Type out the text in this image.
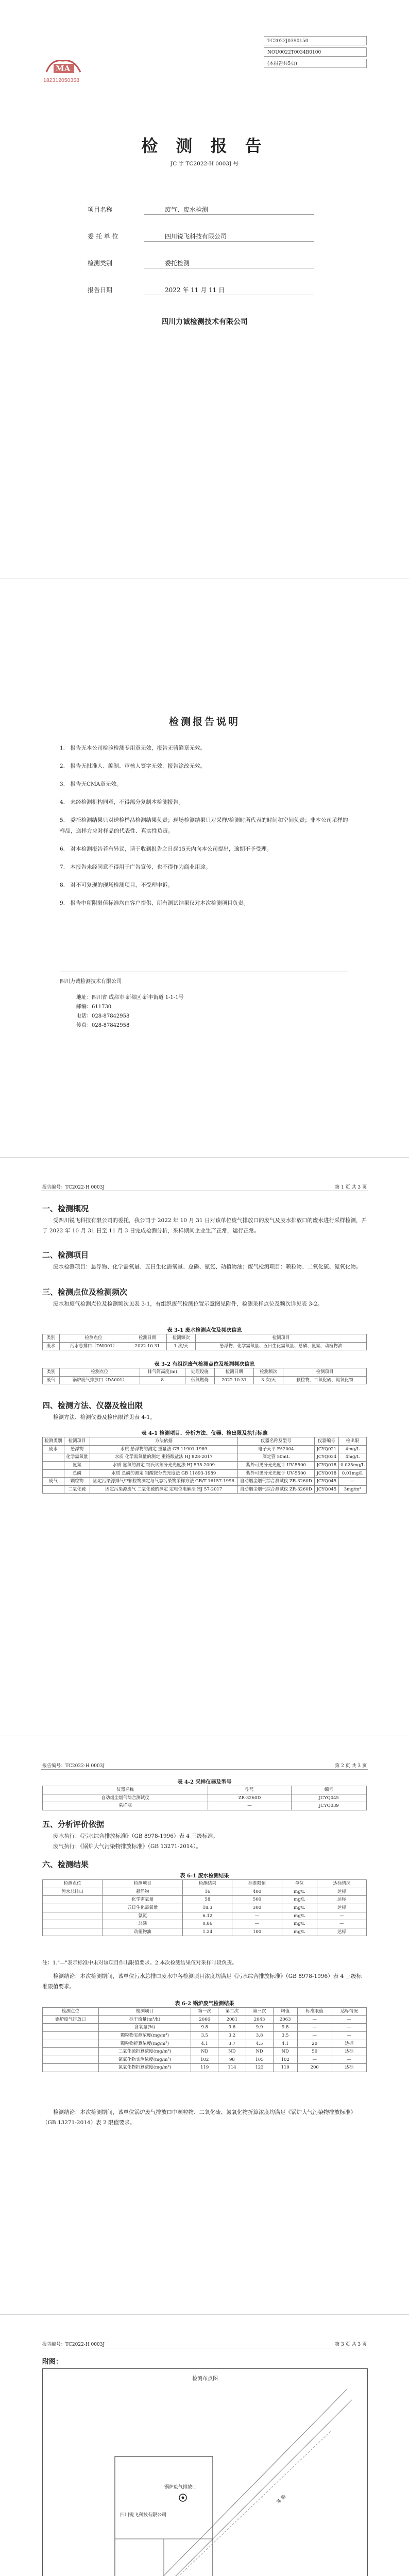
MA
182312050358
TC2022J0390150
NOU0022T0034B0100
(本报告共5页)
检 测 报 告
JC 字 TC2022-H 0003J 号
项目名称	废气、废水检测
委 托 单 位	四川锐飞科技有限公司
检测类别	委托检测
报告日期	2022 年 11 月 11 日
四川力诚检测技术有限公司
检测报告说明
1.　报告无本公司检验检测专用章无效，报告无骑缝章无效。
2.　报告无批准人、编制、审核人签字无效，报告涂改无效。
3.　报告无CMA章无效。
4.　未经检测机构同意，不得部分复制本检测报告。
5.　委托检测结果只对送检样品检测结果负责；现场检测结果只对采样/检测时所代表的时间和空间负责；非本公司采样的样品，送样方应对样品的代表性、真实性负责。
6.　对本检测报告若有异议，请于收到报告之日起15天内向本公司提出，逾期不予受理。
7.　本报告未经同意不得用于广告宣传，也不得作为商业用途。
8.　对不可复现的现场检测项目，不受理申诉。
9.　报告中所附限值标准均由客户提供，所有测试结果仅对本次检测项目负责。
四川力诚检测技术有限公司
地址：四川省·成都市·新都区·新丰街道 1-1-1号
邮编：611730
电话：028-87842958
传真：028-87842958
报告编号：TC2022-H 0003J	第 1 页 共 3 页
一、检测概况
受四川锐飞科技有限公司的委托，我公司于 2022 年 10 月 31 日对该单位废气排放口的废气及废水排放口的废水进行采样检测，并于 2022 年 10 月 31 日至 11 月 3 日完成检测分析，采样期间企业生产正常，运行正常。
二、检测项目
废水检测项目：悬浮物、化学需氧量、五日生化需氧量、总磷、氨氮、动植物油；废气检测项目：颗粒物、二氧化硫、氮氧化物。
三、检测点位及检测频次
废水和废气检测点位及检测频次见表 3-1，有组织废气检测位置示意图见附件，检测采样点位及频次详见表 3-2。
表 3-1 废水检测点位及频次信息
类别	检测点位	检测日期	检测频次	检测项目
废水	污水总排口（DW001）	2022.10.31	1 次/天	悬浮物、化学需氧量、五日生化需氧量、总磷、氨氮、动植物油
表 3-2 有组织废气检测点位及检测频次信息
类别	检测点位	排气筒高度(m)	处理设施	检测日期	检测频次	检测项目
废气	锅炉废气排放口（DA001）	8	低氮燃烧	2022.10.31	3 次/天	颗粒物、二氧化硫、氮氧化物
四、检测方法、仪器及检出限
检测方法、检测仪器及检出限详见表 4-1。
表 4-1 检测项目、分析方法、仪器、检出限及执行标准
检测类别	检测项目	方法依据	仪器名称及型号	仪器编号	检出限
废水	悬浮物	水质 悬浮物的测定 重量法 GB 11901-1989	电子天平 FA2004	JCYQ021	4mg/L
	化学需氧量	水质 化学需氧量的测定 重铬酸盐法 HJ 828-2017	滴定管 50mL	JCYQ034	4mg/L
	氨氮	水质 氨氮的测定 纳氏试剂分光光度法 HJ 535-2009	紫外可见分光光度计 UV-5500	JCYQ018	0.025mg/L
	总磷	水质 总磷的测定 钼酸铵分光光度法 GB 11893-1989	紫外可见分光光度计 UV-5500	JCYQ018	0.01mg/L
废气	颗粒物	固定污染源排气中颗粒物测定与气态污染物采样方法 GB/T 16157-1996	自动烟尘烟气综合测试仪 ZR-3260D	JCYQ045	—
	二氧化硫	固定污染源废气 二氧化硫的测定 定电位电解法 HJ 57-2017	自动烟尘烟气综合测试仪 ZR-3260D	JCYQ045	3mg/m³
报告编号：TC2022-H 0003J	第 2 页 共 3 页
表 4-2 采样仪器及型号
仪器名称	型号	编号
自动烟尘烟气综合测试仪	ZR-3260D	JCYQ045
采样瓶	—	JCYQ039
五、分析评价依据
废水执行：《污水综合排放标准》（GB 8978-1996）表 4 三级标准。
废气执行：《锅炉大气污染物排放标准》（GB 13271-2014）。
六、检测结果
表 6-1 废水检测结果
检测点位	检测项目	检测结果	标准限值	单位	达标情况
污水总排口	悬浮物	16	400	mg/L	达标
	化学需氧量	58	500	mg/L	达标
	五日生化需氧量	18.3	300	mg/L	达标
	氨氮	6.12	—	mg/L	—
	总磷	0.86	—	mg/L	—
	动植物油	1.24	100	mg/L	达标
注：1."—"表示标准中未对该项目作出限值要求。2.本次检测结果仅对采样时段负责。
检测结论：本次检测期间，该单位污水总排口废水中各检测项目浓度均满足《污水综合排放标准》（GB 8978-1996）表 4 三级标准限值要求。
表 6-2 锅炉废气检测结果
检测点位	检测项目	第一次	第二次	第三次	均值	标准限值	达标情况
锅炉废气排放口	标干流量(m³/h)	2066	2081	2043	2063	—	—
	含氧量(%)	9.8	9.6	9.9	9.8	—	—
	颗粒物实测浓度(mg/m³)	3.5	3.2	3.8	3.5	—	—
	颗粒物折算浓度(mg/m³)	4.1	3.7	4.5	4.1	20	达标
	二氧化硫折算浓度(mg/m³)	ND	ND	ND	ND	50	达标
	氮氧化物实测浓度(mg/m³)	102	98	105	102	—	—
	氮氧化物折算浓度(mg/m³)	119	114	123	119	200	达标
检测结论：本次检测期间，该单位锅炉废气排放口中颗粒物、二氧化硫、氮氧化物折算浓度均满足《锅炉大气污染物排放标准》（GB 13271-2014）表 2 限值要求。
报告编号：TC2022-H 0003J	第 3 页 共 3 页
附图：
检测布点图
某 路
四川锐飞科技有限公司
锅炉废气排放口
